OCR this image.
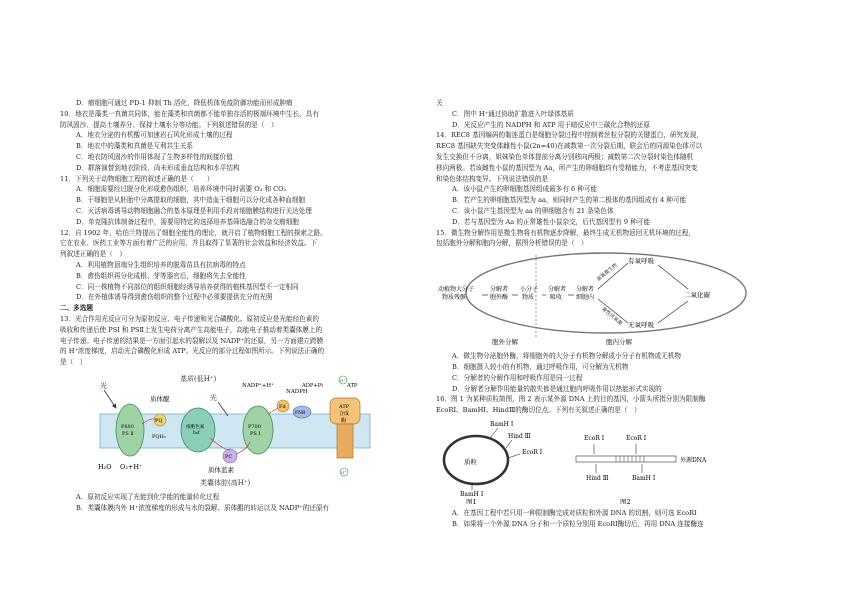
D．瘤细胞可通过 PD-1 抑制 Th 活化，降低机体免疫防御功能而形成肿瘤
10．地衣是藻类一真菌共同体，能在藻类和真菌都不能单独存活的极端环境中生长，具有
防风固沙、提高土壤养分、保持土壤水分等功能。下列叙述错误的是（　）
A．地衣分泌的有机酸可加速岩石风化形成土壤的过程
B．地衣中的藻类和真菌是互利共生关系
C．地衣防风固沙的作用体现了生物多样性的间接价值
D．群落演替到地衣阶段，尚未形成垂直结构和水平结构
11．下列关于动物细胞工程的叙述正确的是（　　）
A．细胞需要经过脱分化形成愈伤组织，培养环境中同时需要 O₂ 和 CO₂
B．干细胞是从胚胎中分离提取的细胞，其中造血干细胞可以分化成各种血细胞
C．灭活病毒诱导动物细胞融合的基本原理是利用手段对细胞膜结构进行关达处理
D．单克隆抗体制备过程中，需要用特定的选择培养基筛选融合的杂交瘤细胞
12．自 1902 年，哈伯兰特提出了细胞全能性的理论，就开启了植物细胞工程的探索之路。
它在农业、医药工业等方面有着广泛的应用，并且取得了显著的社会效益和经济效益。下
列叙述正确的是（　）
A．利用植物顶端分生组织培养的脱毒苗具有抗病毒的特点
B．愈伤组织再分化成根、芽等器官后，细胞将失去全能性
C．同一株植物不同部位的组织细胞经诱导培养获得的植株基因型不一定相同
D．在外植体诱导得到愈伤组织的整个过程中必须要提供充分的光照
二、多选题
13．光合作用光反应可分为原初反应、电子传递和光合磷酸化。原初反应是光能经色素的
吸收和传递后使 PSI 和 PSⅡ上发生电荷分离产生高能电子，高能电子推动着类囊体膜上的
电子传递。电子传递的结果是一方面引起水的裂解以及 NADP⁺的还原，另一方面建立跨膜
的 H⁺浓度梯度，启动光合磷酸化形成 ATP。光反应的部分过程如图所示。下列说法正确的
是（　）
基质(低H⁺)
类囊体腔(高H⁺)
光
光
P680
PS Ⅱ
PQ
PQH₂
质体醌
细胞色素
b₆f
PC
质体蓝素
P700
PS Ⅰ
Fd
FNR
NADP⁺+H⁺
NADPH
ATP
合成
酶
ADP+Pi	ATP
H⁺
H⁺
H₂O O₂+H⁺
A．原初反应实现了光能到化学能的能量转化过程
B．类囊体膜内外 H⁺浓度梯度的形成与水的裂解、质体醌的转运以及 NADP⁺的还原有
关
C．图中 H⁺通过协助扩散进入叶绿体基质
D．光反应产生的 NADPH 和 ATP 用于暗反应中三碳化合物的还原
14．REC8 基因编码的黏连蛋白是细胞分裂过程中控制着丝粒分裂的关键蛋白，研究发现，
REC8 基因缺失突变体雌性小鼠(2n=40)在减数第一次分裂后期，联会后的同源染色体可以
发生交换但不分离，姐妹染色单体提前分离分别移向两极；减数第二次分裂时染色体随机
移向两极。若该雌性小鼠的基因型为 Aa，所产生的卵细胞均有受精能力，不考虑基因突变
和染色体结构变异。下列说法错误的是
A．该小鼠产生的卵细胞基因组成最多有 6 种可能
B．若产生的卵细胞基因型为 aa，则同时产生的第二极体的基因组成有 4 种可能
C．该小鼠产生基因型为 aa 的卵细胞含有 21 条染色体
D．若与基因型为 Aa 的正常雄性小鼠杂交，后代基因型有 9 种可能
15．微生物分解作用是微生物将有机物逐步降解，最终生成无机物返回无机环境的过程，
包括胞外分解和胞内分解，据图分析错误的是（　）
动植物大分子
物质残骸
分解者
胞外酶
小分子
物质
分解者
吸收
分解者
细胞内
有氧呼吸
无氧呼吸
二氧化碳
需氧微生物
兼性厌氧菌
胞外分解	胞内分解
A．微生物分泌胞外酶，将细胞外的大分子有机物分解成小分子有机物或无机物
B．细胞摄入较小的有机物，通过呼吸作用，可分解为无机物
C．分解者的分解作用和呼吸作用是同一过程
D．分解者分解作用能量的散失都是通过胞内呼吸作用以热能形式实现的
16．图 1 为某种质粒简图，图 2 表示某外源 DNA 上的目的基因，小箭头所指分别为限制酶
EcoRⅠ、BamHⅠ、HindⅢ的酶切位点。下列有关叙述正确的是（　）
质粒
BamH Ⅰ
Hind Ⅲ
EcoR Ⅰ
BamH Ⅰ
图1
外源DNA
EcoR Ⅰ	EcoR Ⅰ
Hind Ⅲ	BamH Ⅰ
图2
A．在基因工程中若只用一种限制酶完成对质粒和外源 DNA 的切割，则可选 EcoRⅠ
B．如果将一个外源 DNA 分子和一个质粒分别用 EcoRⅠ酶切后，再用 DNA 连接酶连
